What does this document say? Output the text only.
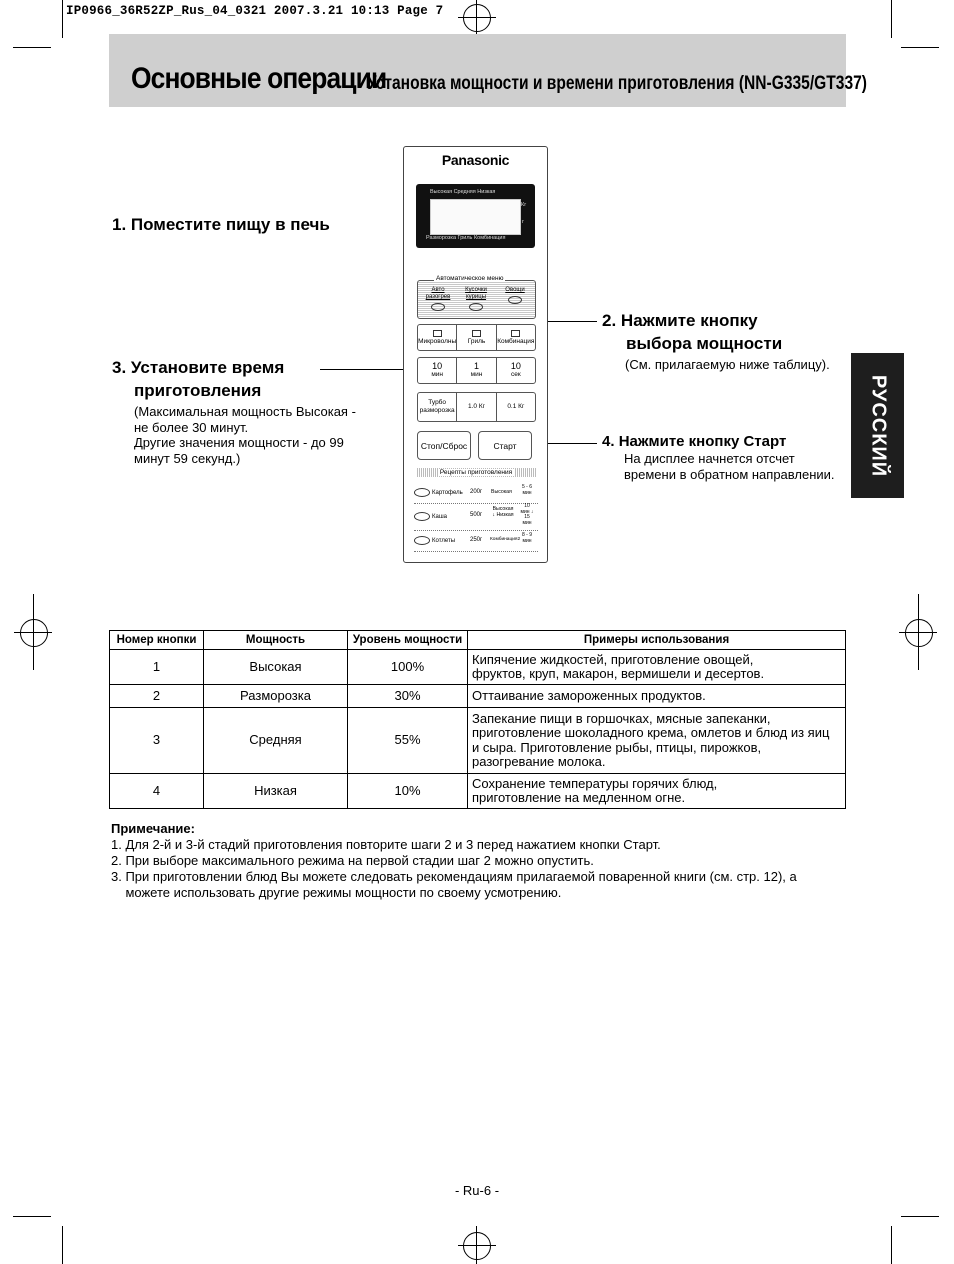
IP0966_36R52ZP_Rus_04_0321 2007.3.21 10:13 Page 7
Основные операции
Установка мощности и времени приготовления (NN-G335/GT337)
РУССКИЙ
1. Поместите пищу в печь
3. Установите время
приготовления
(Максимальная мощность Высокая -
не более 30 минут.
Другие значения мощности - до 99
минут 59 секунд.)
2. Нажмите кнопку
выбора мощности
(См. прилагаемую ниже таблицу).
4. Нажмите кнопку Старт
На дисплее начнется отсчет
времени в обратном направлении.
Panasonic
Высокая Средняя Низкая
Кг
г
Разморозка Гриль Комбинация
Авто разогрев
Кусочки курицы
Овощи
Автоматическое меню
Микроволны Гриль Комбинация
10
мин
1
мин
10
сек
Турбо разморозка
1.0 Кг	0.1 Кг
Стоп/Сброс	Старт
Рецепты приготовления
Картофель 200г Высокая
5 - 6 мин
Каша	500г
Высокая ↓ Низкая
10 мин ↓ 15 мин
Котлеты 250г Комбинация2
8 - 9 мин
Номер кнопки	Мощность	Уровень мощности	Примеры использования
1	Высокая	100%	Кипячение жидкостей, приготовление овощей,
фруктов, круп, макарон, вермишели и десертов.

2	Разморозка	30%	Оттаивание замороженных продуктов.

3	Средняя	55%	Запекание пищи в горшочках, мясные запеканки,
приготовление шоколадного крема, омлетов и блюд из яиц
и сыра. Приготовление рыбы, птицы, пирожков,
разогревание молока.

4	Низкая	10%	Сохранение температуры горячих блюд,
приготовление на медленном огне.
Примечание:
1. Для 2-й и 3-й стадий приготовления повторите шаги 2 и 3 перед нажатием кнопки Старт.
2. При выборе максимального режима на первой стадии шаг 2 можно опустить.
3. При приготовлении блюд Вы можете следовать рекомендациям прилагаемой поваренной книги (см. стр. 12), а
можете использовать другие режимы мощности по своему усмотрению.
- Ru-6 -
